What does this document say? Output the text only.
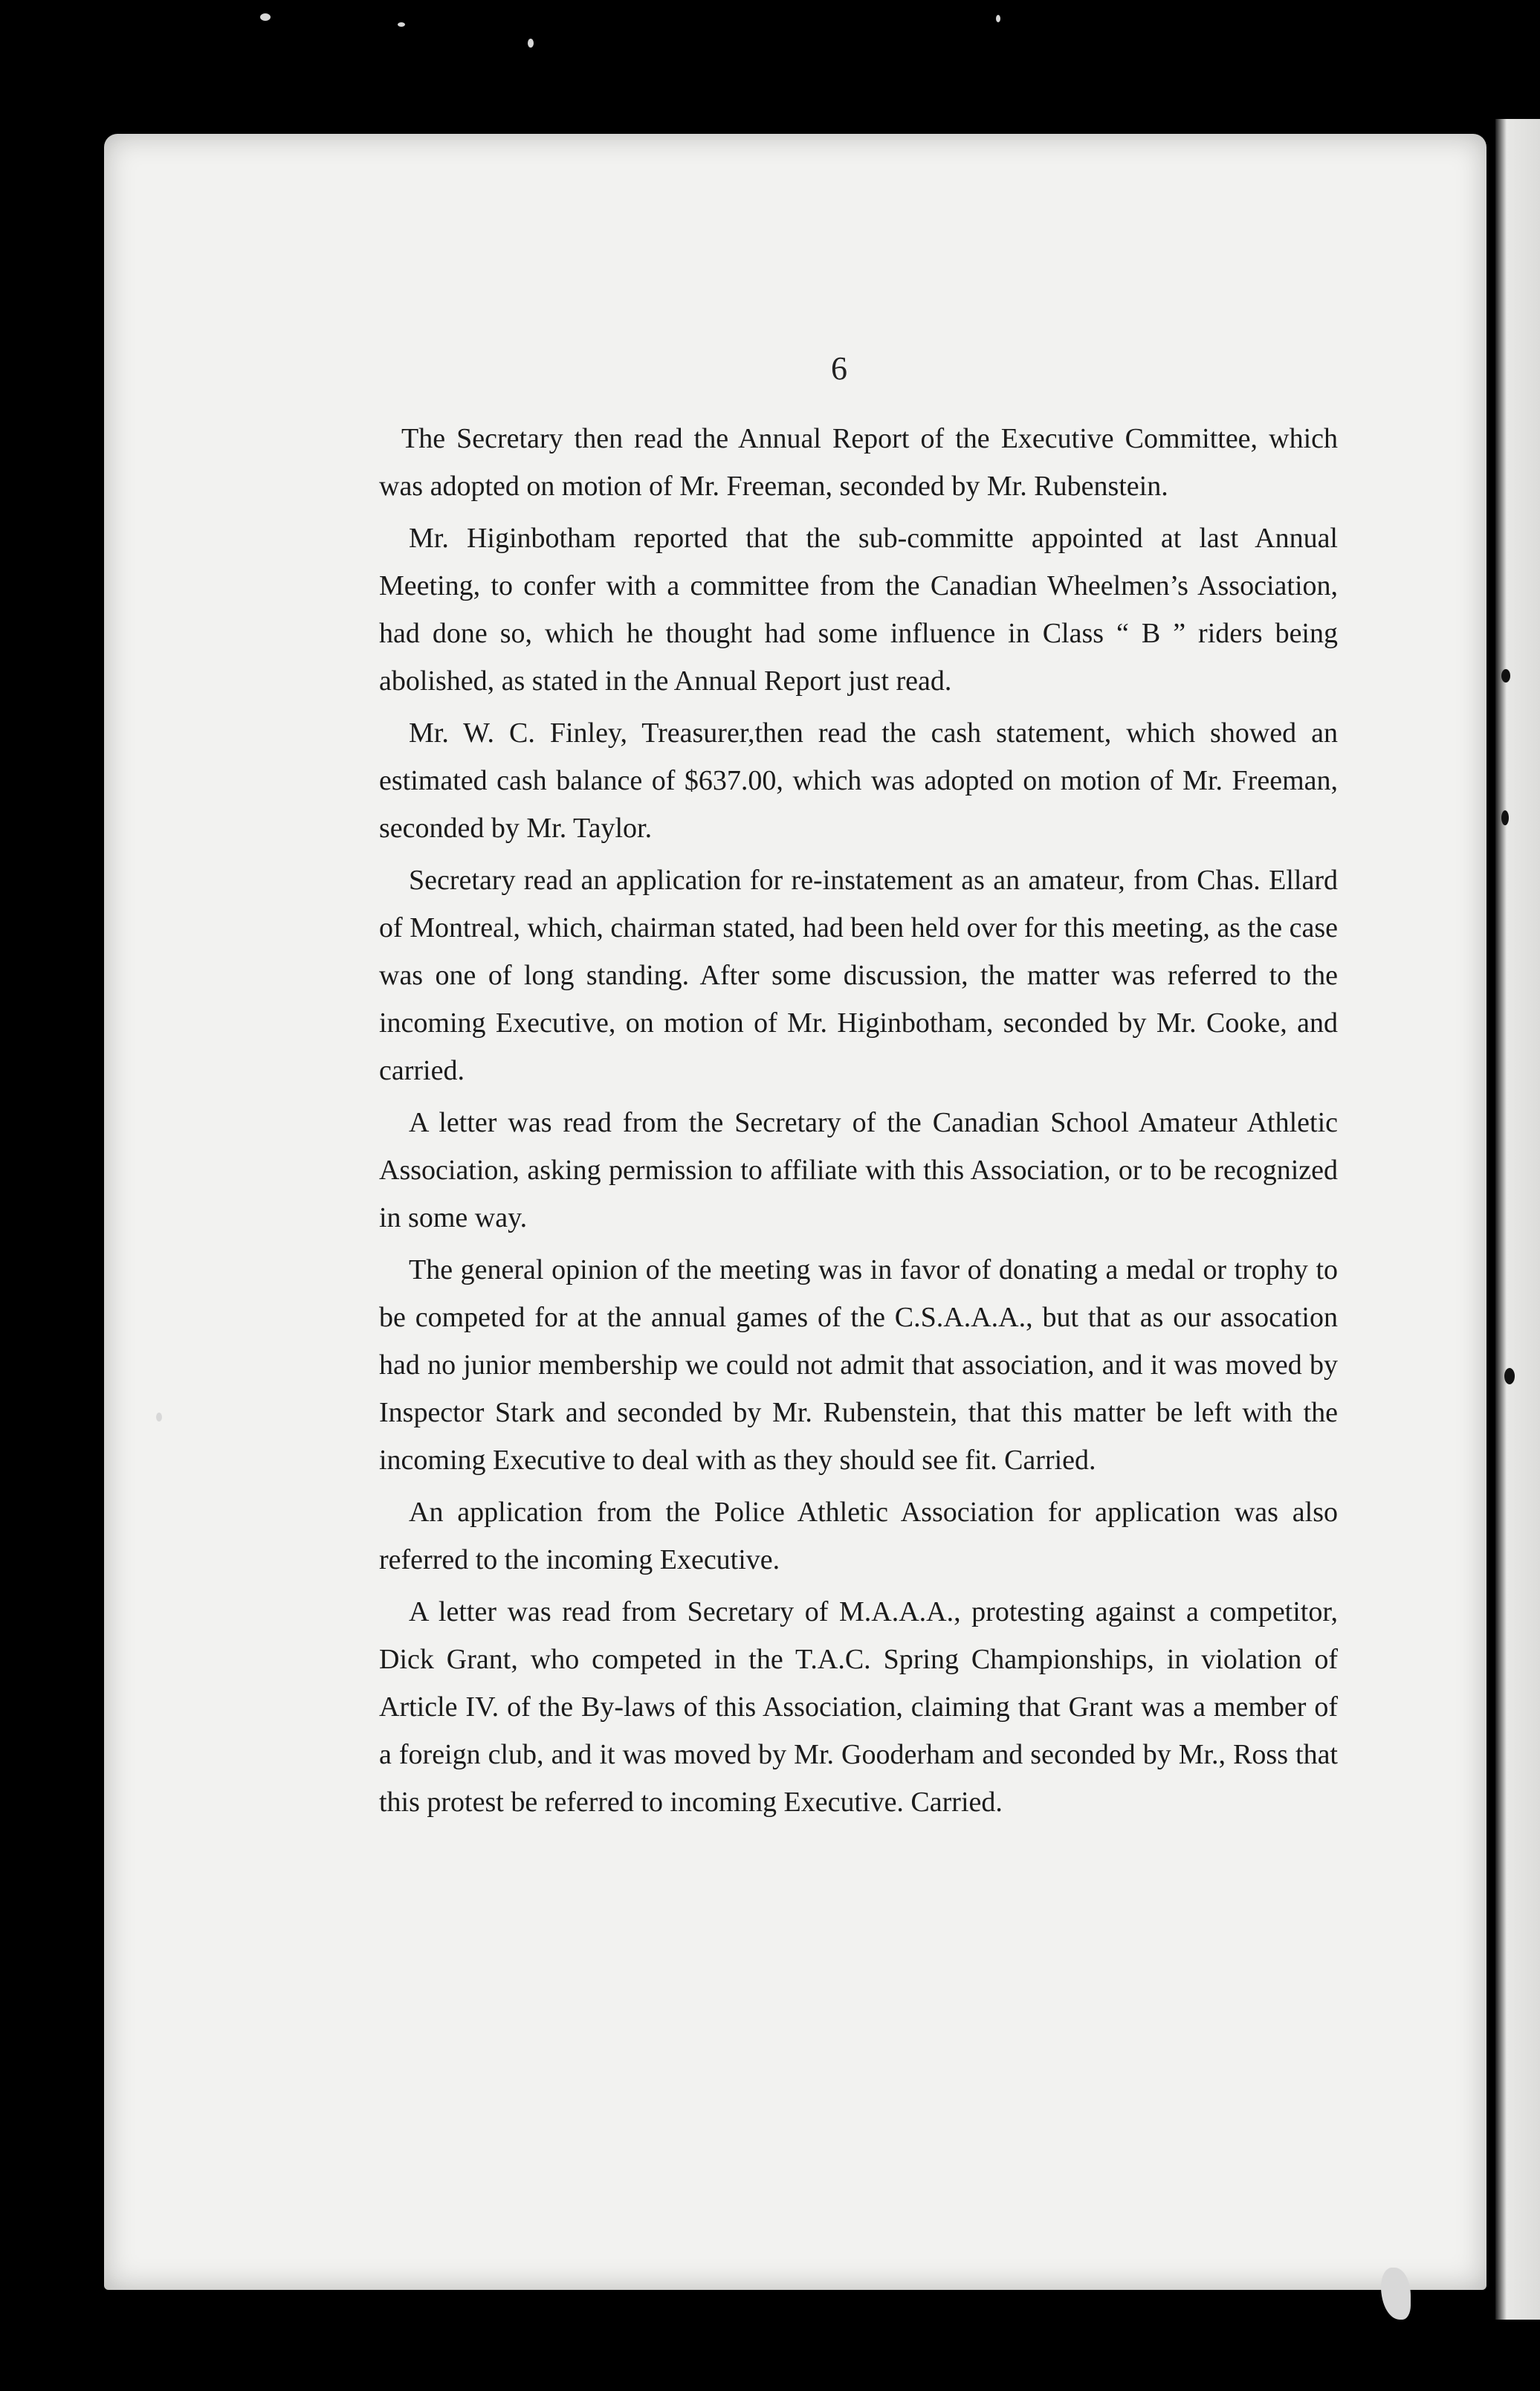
6

The Secretary then read the Annual Report of the Executive Committee, which was adopted on motion of Mr. Freeman, seconded by Mr. Rubenstein.

Mr. Higinbotham reported that the sub-committe appointed at last Annual Meeting, to confer with a committee from the Canadian Wheelmen’s Association, had done so, which he thought had some influence in Class “ B ” riders being abolished, as stated in the Annual Report just read.

Mr. W. C. Finley, Treasurer,then read the cash statement, which showed an estimated cash balance of $637.00, which was adopted on motion of Mr. Freeman, seconded by Mr. Taylor.

Secretary read an application for re-instatement as an amateur, from Chas. Ellard of Montreal, which, chairman stated, had been held over for this meeting, as the case was one of long standing. After some discussion, the matter was referred to the incoming Executive, on motion of Mr. Higinbotham, seconded by Mr. Cooke, and carried.

A letter was read from the Secretary of the Canadian School Amateur Athletic Association, asking permission to affiliate with this Association, or to be recognized in some way.

The general opinion of the meeting was in favor of donating a medal or trophy to be competed for at the annual games of the C.S.A.A.A., but that as our assocation had no junior membership we could not admit that association, and it was moved by Inspector Stark and seconded by Mr. Rubenstein, that this matter be left with the incoming Executive to deal with as they should see fit. Carried.

An application from the Police Athletic Association for application was also referred to the incoming Executive.

A letter was read from Secretary of M.A.A.A., protesting against a competitor, Dick Grant, who competed in the T.A.C. Spring Championships, in violation of Article IV. of the By-laws of this Association, claiming that Grant was a member of a foreign club, and it was moved by Mr. Gooderham and seconded by Mr., Ross that this protest be referred to incoming Executive. Carried.
